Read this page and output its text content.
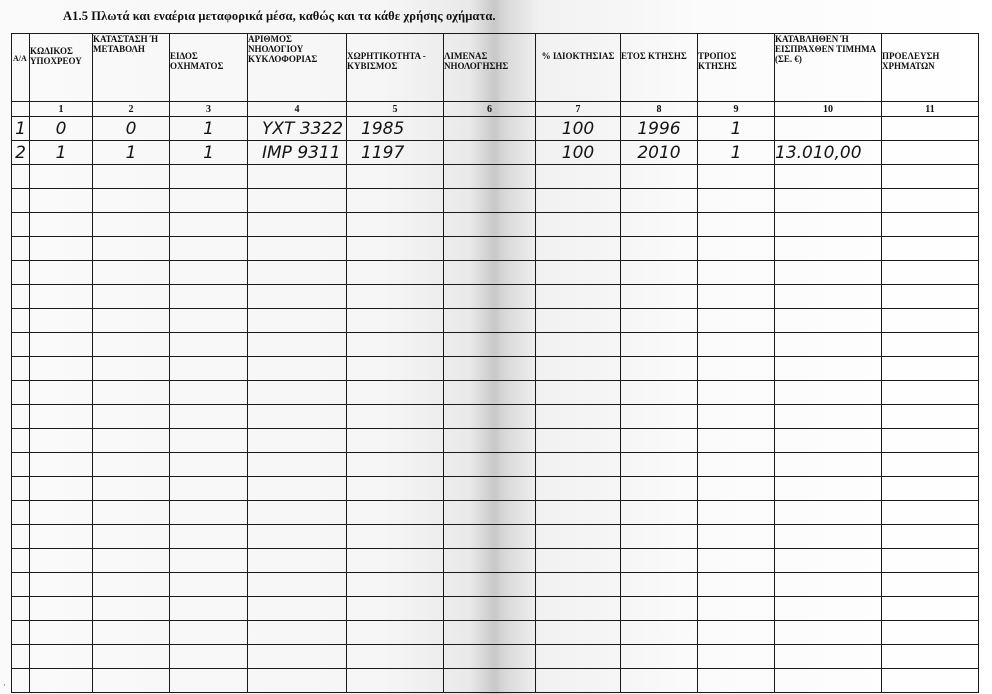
Α1.5 Πλωτά και εναέρια μεταφορικά μέσα, καθώς και τα κάθε χρήσης οχήματα.
Α/Α	ΚΩΔΙΚΟΣ ΥΠΟΧΡΕΟΥ	ΚΑΤΑΣΤΑΣΗ Ή ΜΕΤΑΒΟΛΗ	ΕΙΔΟΣ ΟΧΗΜΑΤΟΣ	ΑΡΙΘΜΟΣ ΝΗΟΛΟΓΙΟΥ ΚΥΚΛΟΦΟΡΙΑΣ	ΧΩΡΗΤΙΚΟΤΗΤΑ - ΚΥΒΙΣΜΟΣ	ΛΙΜΕΝΑΣ ΝΗΟΛΟΓΗΣΗΣ	% ΙΔΙΟΚΤΗΣΙΑΣ	ΕΤΟΣ ΚΤΗΣΗΣ	ΤΡΟΠΟΣ ΚΤΗΣΗΣ	ΚΑΤΑΒΛΗΘΕΝ Ή ΕΙΣΠΡΑΧΘΕΝ ΤΙΜΗΜΑ (ΣΕ. €)	ΠΡΟΕΛΕΥΣΗ ΧΡΗΜΑΤΩΝ
	1	2	3	4	5	6	7	8	9	10	11
1	0	0	1	YXT 3322	1985		100	1996	1		
2	1	1	1	IMP 9311	1197		100	2010	1	13.010,00	

·
